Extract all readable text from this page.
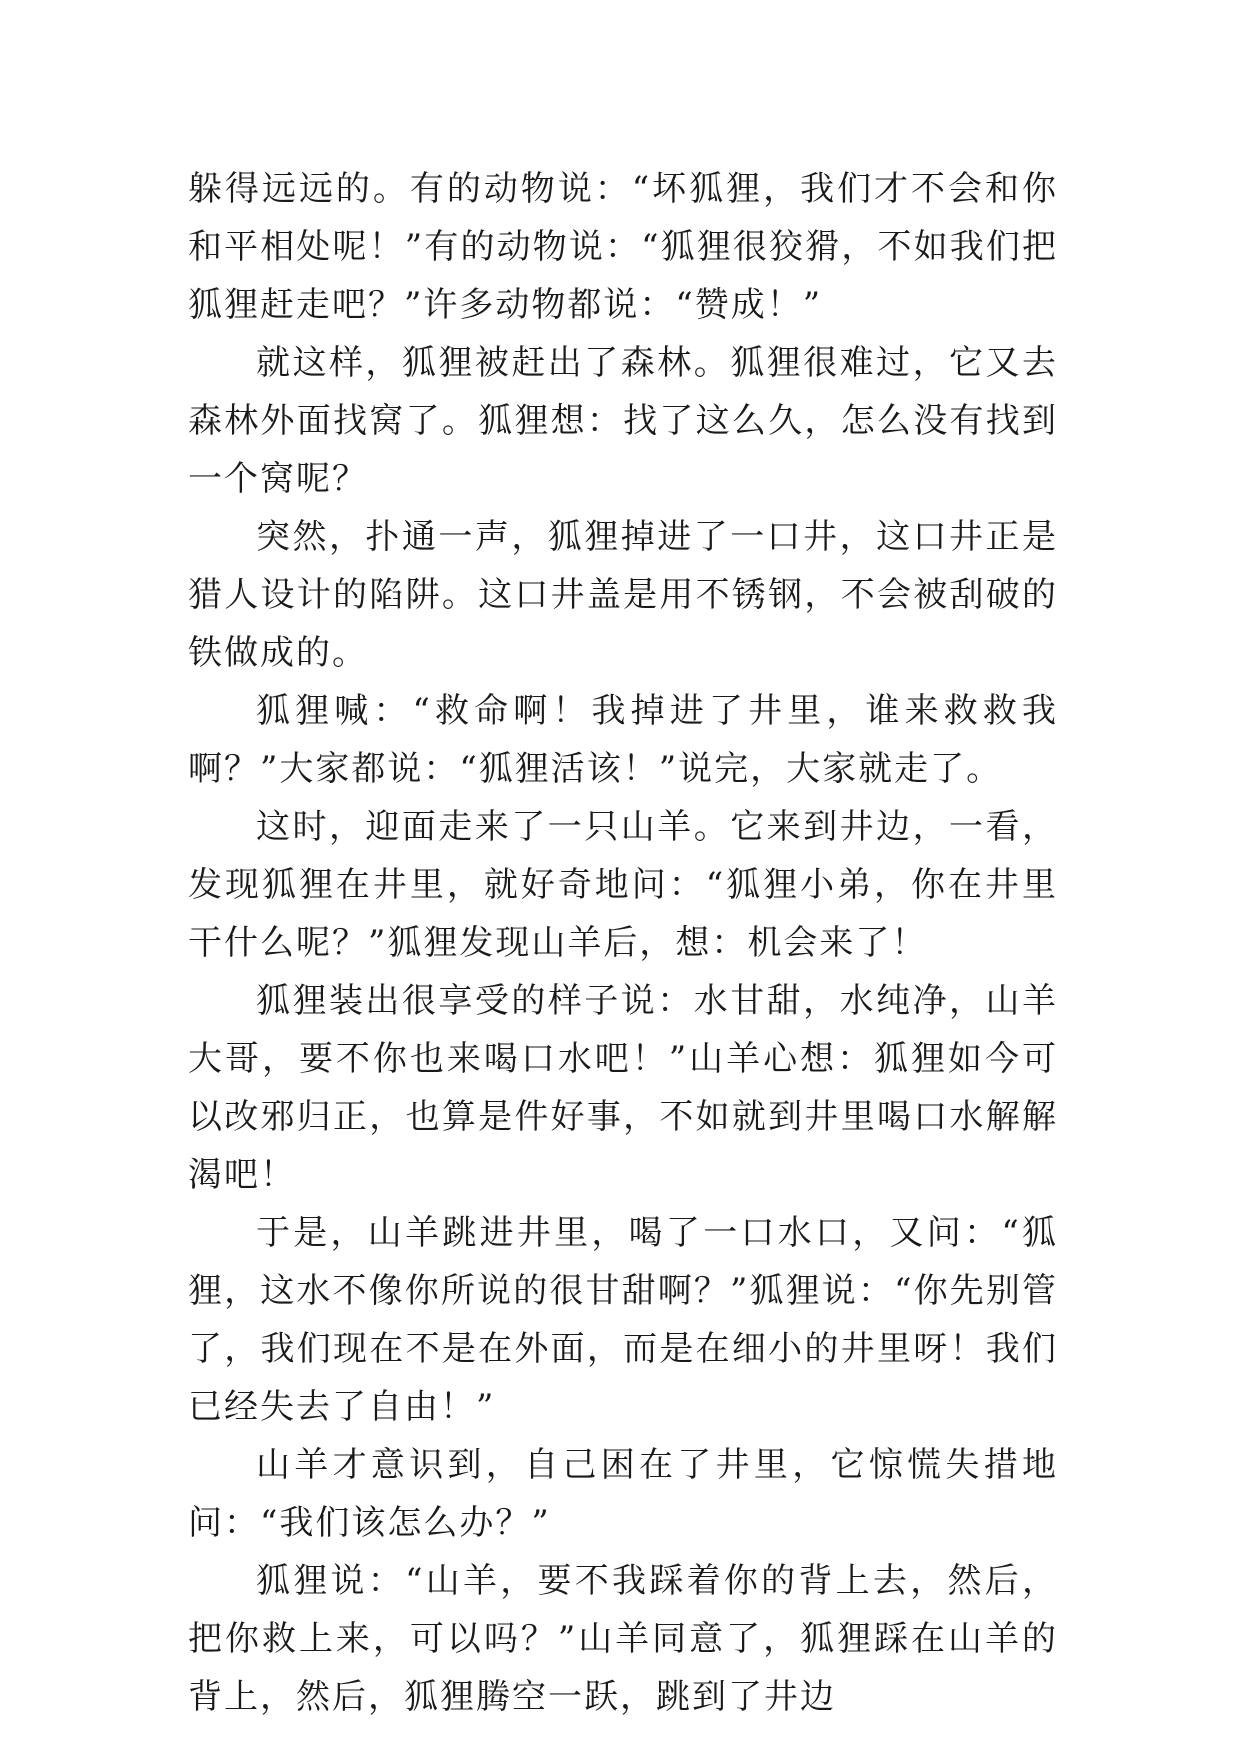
躲得远远的。有的动物说：“坏狐狸，我们才不会和你和平相处呢！”有的动物说：“狐狸很狡猾，不如我们把狐狸赶走吧？”许多动物都说：“赞成！”

就这样，狐狸被赶出了森林。狐狸很难过，它又去森林外面找窝了。狐狸想：找了这么久，怎么没有找到一个窝呢？

突然，扑通一声，狐狸掉进了一口井，这口井正是猎人设计的陷阱。这口井盖是用不锈钢，不会被刮破的铁做成的。

狐狸喊：“救命啊！我掉进了井里，谁来救救我啊？”大家都说：“狐狸活该！”说完，大家就走了。

这时，迎面走来了一只山羊。它来到井边，一看，发现狐狸在井里，就好奇地问：“狐狸小弟，你在井里干什么呢？”狐狸发现山羊后，想：机会来了！

狐狸装出很享受的样子说：水甘甜，水纯净，山羊大哥，要不你也来喝口水吧！”山羊心想：狐狸如今可以改邪归正，也算是件好事，不如就到井里喝口水解解渴吧！

于是，山羊跳进井里，喝了一口水口，又问：“狐狸，这水不像你所说的很甘甜啊？”狐狸说：“你先别管了，我们现在不是在外面，而是在细小的井里呀！我们已经失去了自由！”

山羊才意识到，自己困在了井里，它惊慌失措地问：“我们该怎么办？”

狐狸说：“山羊，要不我踩着你的背上去，然后，把你救上来，可以吗？”山羊同意了，狐狸踩在山羊的背上，然后，狐狸腾空一跃，跳到了井边
